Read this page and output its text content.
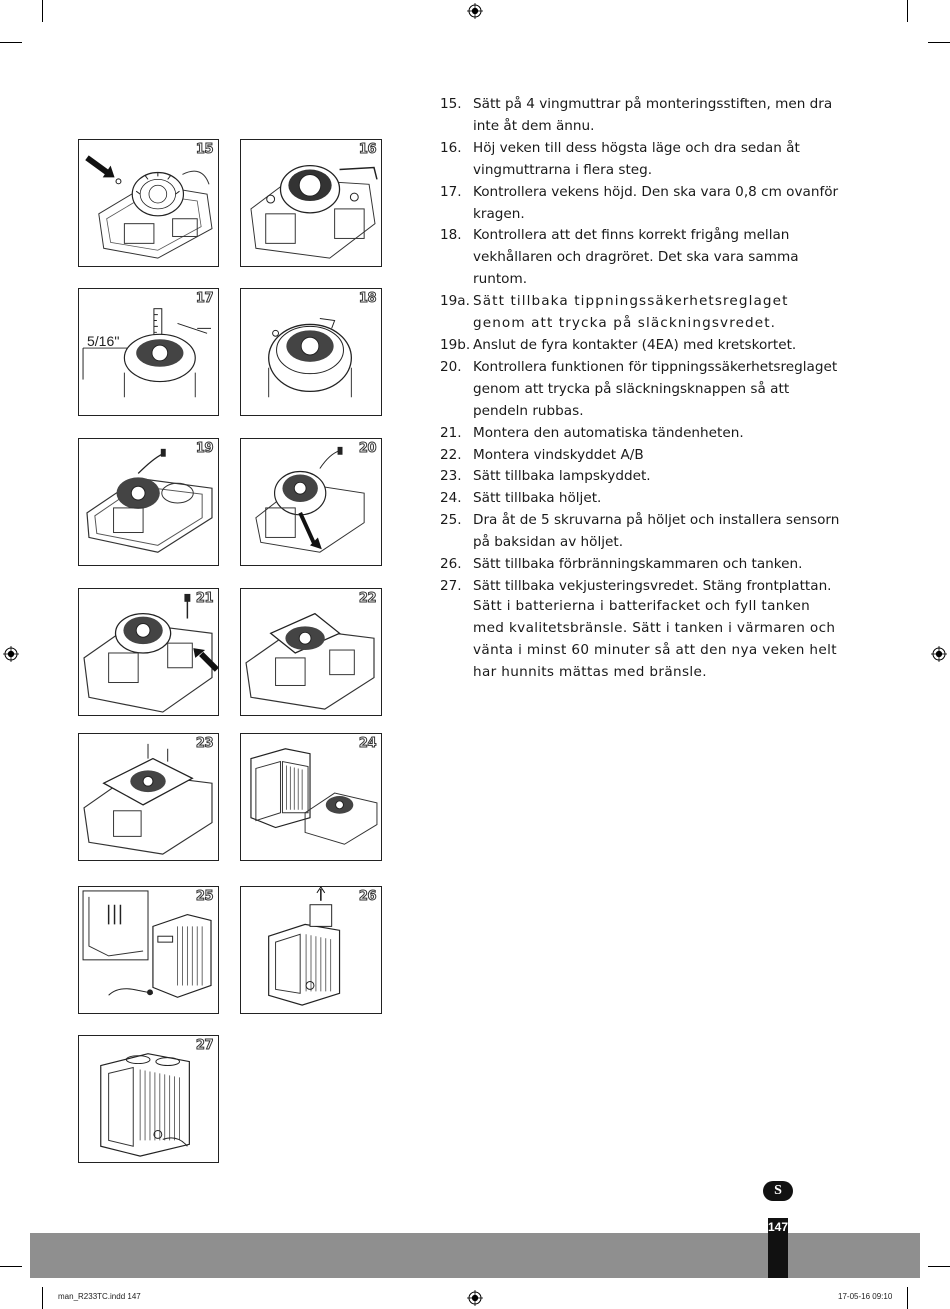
15	16
5/16''
17	18
19	20
21	22
23	24
25	26
27
15. Sätt på 4 vingmuttrar på monteringsstiften, men dra inte åt dem ännu.
16. Höj veken till dess högsta läge och dra sedan åt vingmuttrarna i flera steg.
17. Kontrollera vekens höjd. Den ska vara 0,8 cm ovanför kragen.
18. Kontrollera att det finns korrekt frigång mellan vekhållaren och dragröret. Det ska vara samma runtom.
19a. Sätt tillbaka tippningssäkerhetsreglaget genom att trycka på släckningsvredet.
19b. Anslut de fyra kontakter (4EA) med kretskortet.
20. Kontrollera funktionen för tippningssäkerhetsreglaget genom att trycka på släckningsknappen så att pendeln rubbas.
21. Montera den automatiska tändenheten.
22. Montera vindskyddet A/B
23. Sätt tillbaka lampskyddet.
24. Sätt tillbaka höljet.
25. Dra åt de 5 skruvarna på höljet och installera sensorn på baksidan av höljet.
26. Sätt tillbaka förbränningskammaren och tanken.
27. Sätt tillbaka vekjusteringsvredet. Stäng frontplattan.
Sätt i batterierna i batterifacket och fyll tanken med kvalitetsbränsle. Sätt i tanken i värmaren och vänta i minst 60 minuter så att den nya veken helt har hunnits mättas med bränsle.
S
147
man_R233TC.indd 147	17-05-16 09:10
